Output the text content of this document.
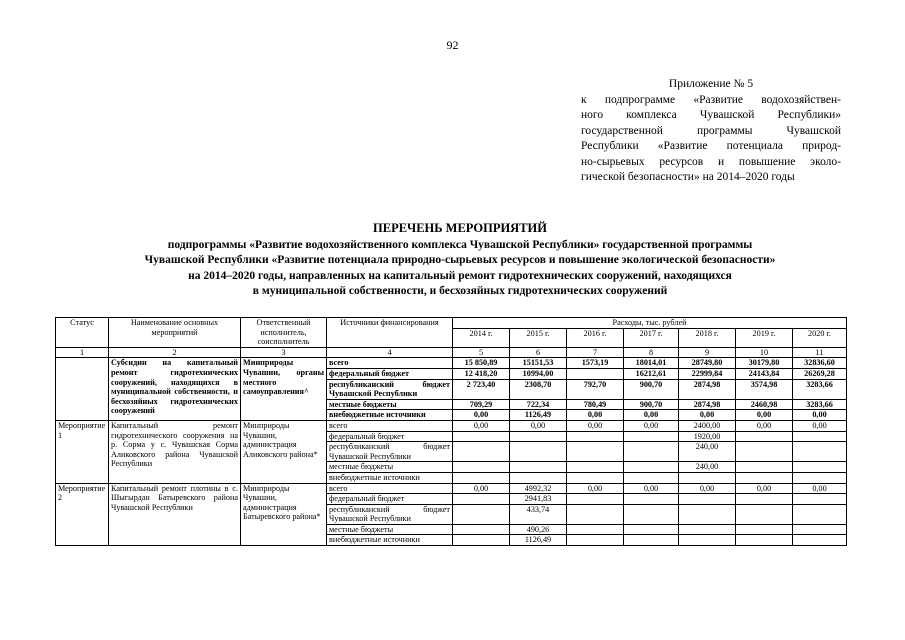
92
Приложение № 5
к подпрограмме «Развитие водохозяйствен-
ного комплекса Чувашской Республики»
государственной программы Чувашской
Республики «Развитие потенциала природ-
но-сырьевых ресурсов и повышение эколо-
гической безопасности» на 2014–2020 годы
ПЕРЕЧЕНЬ МЕРОПРИЯТИЙ
подпрограммы «Развитие водохозяйственного комплекса Чувашской Республики» государственной программы
Чувашской Республики «Развитие потенциала природно-сырьевых ресурсов и повышение экологической безопасности»
на 2014–2020 годы, направленных на капитальный ремонт гидротехнических сооружений, находящихся
в муниципальной собственности, и бесхозяйных гидротехнических сооружений
Статус	Наименование основных мероприятий	Ответственный исполнитель, соисполнитель	Источники финансирования	Расходы, тыс. рублей						
				2014 г.	2015 г.	2016 г.	2017 г.	2018 г.	2019 г.	2020 г.
1	2	3	4	5	6	7	8	9	10	11
	Субсидии на капитальный ремонт гидротехнических сооружений, находящихся в муниципальной собственности, и бесхозяйных гидротехнических сооружений	Минприроды Чувашии, органы местного самоуправления^	всего	15 850,89	15151,53	1573,19	18014,01	28749,80	30179,80	32836,60
			федеральный бюджет	12 418,20	10994,00		16212,61	22999,84	24143,84	26269,28
			республиканский бюджет Чувашской Республики	2 723,40	2308,70	792,70	900,70	2874,98	3574,98	3283,66
			местные бюджеты	709,29	722,34	780,49	900,70	2874,98	2460,98	3283,66
			внебюджетные источники	0,00	1126,49	0,00	0,00	0,00	0,00	0,00
Мероприятие 1	Капитальный ремонт гидротехнического сооружения на р. Сорма у с. Чувашская Сорма Аликовского района Чувашской Республики	Минприроды Чувашии, администрация Аликовского района*	всего	0,00	0,00	0,00	0,00	2400,00	0,00	0,00
			федеральный бюджет					1920,00		
			республиканский бюджет Чувашской Республики					240,00		
			местные бюджеты					240,00		
			внебюджетные источники							
Мероприятие 2	Капитальный ремонт плотины в с. Шыгырдан Батыревского района Чувашской Республики	Минприроды Чувашии, администрация Батыревского района*	всего	0,00	4992,32	0,00	0,00	0,00	0,00	0,00
			федеральный бюджет		2941,83					
			республиканский бюджет Чувашской Республики		433,74					
			местные бюджеты		490,26					
			внебюджетные источники		1126,49					
